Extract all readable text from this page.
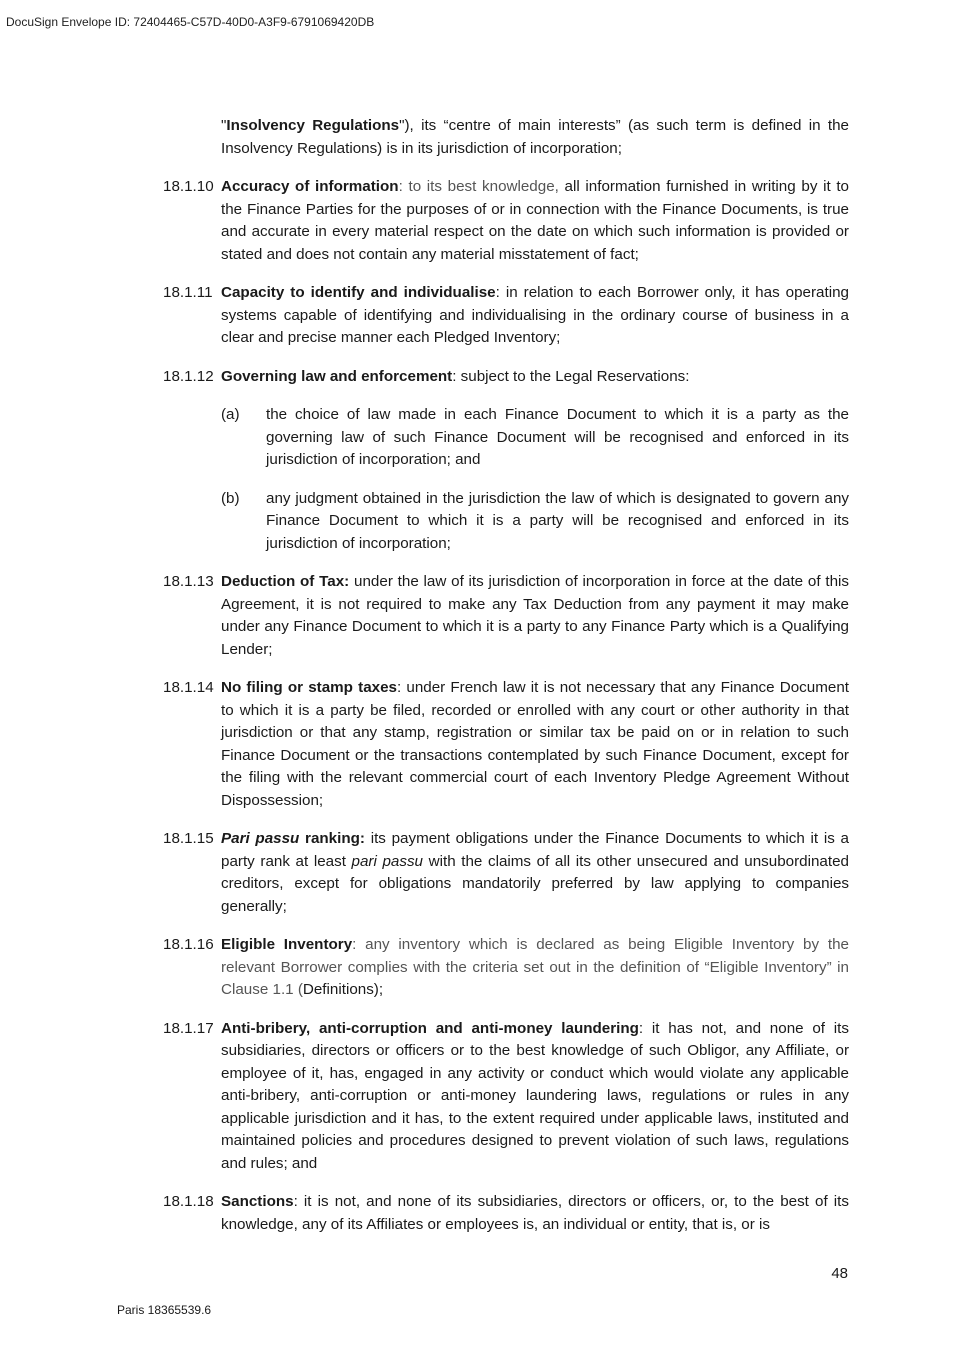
DocuSign Envelope ID: 72404465-C57D-40D0-A3F9-6791069420DB
"Insolvency Regulations"), its “centre of main interests” (as such term is defined in the Insolvency Regulations) is in its jurisdiction of incorporation;
18.1.10 Accuracy of information: to its best knowledge, all information furnished in writing by it to the Finance Parties for the purposes of or in connection with the Finance Documents, is true and accurate in every material respect on the date on which such information is provided or stated and does not contain any material misstatement of fact;
18.1.11 Capacity to identify and individualise: in relation to each Borrower only, it has operating systems capable of identifying and individualising in the ordinary course of business in a clear and precise manner each Pledged Inventory;
18.1.12 Governing law and enforcement: subject to the Legal Reservations:
(a) the choice of law made in each Finance Document to which it is a party as the governing law of such Finance Document will be recognised and enforced in its jurisdiction of incorporation; and
(b) any judgment obtained in the jurisdiction the law of which is designated to govern any Finance Document to which it is a party will be recognised and enforced in its jurisdiction of incorporation;
18.1.13 Deduction of Tax: under the law of its jurisdiction of incorporation in force at the date of this Agreement, it is not required to make any Tax Deduction from any payment it may make under any Finance Document to which it is a party to any Finance Party which is a Qualifying Lender;
18.1.14 No filing or stamp taxes: under French law it is not necessary that any Finance Document to which it is a party be filed, recorded or enrolled with any court or other authority in that jurisdiction or that any stamp, registration or similar tax be paid on or in relation to such Finance Document or the transactions contemplated by such Finance Document, except for the filing with the relevant commercial court of each Inventory Pledge Agreement Without Dispossession;
18.1.15 Pari passu ranking: its payment obligations under the Finance Documents to which it is a party rank at least pari passu with the claims of all its other unsecured and unsubordinated creditors, except for obligations mandatorily preferred by law applying to companies generally;
18.1.16 Eligible Inventory: any inventory which is declared as being Eligible Inventory by the relevant Borrower complies with the criteria set out in the definition of “Eligible Inventory” in Clause 1.1 (Definitions);
18.1.17 Anti-bribery, anti-corruption and anti-money laundering: it has not, and none of its subsidiaries, directors or officers or to the best knowledge of such Obligor, any Affiliate, or employee of it, has, engaged in any activity or conduct which would violate any applicable anti-bribery, anti-corruption or anti-money laundering laws, regulations or rules in any applicable jurisdiction and it has, to the extent required under applicable laws, instituted and maintained policies and procedures designed to prevent violation of such laws, regulations and rules; and
18.1.18 Sanctions: it is not, and none of its subsidiaries, directors or officers, or, to the best of its knowledge, any of its Affiliates or employees is, an individual or entity, that is, or is
48
Paris 18365539.6
